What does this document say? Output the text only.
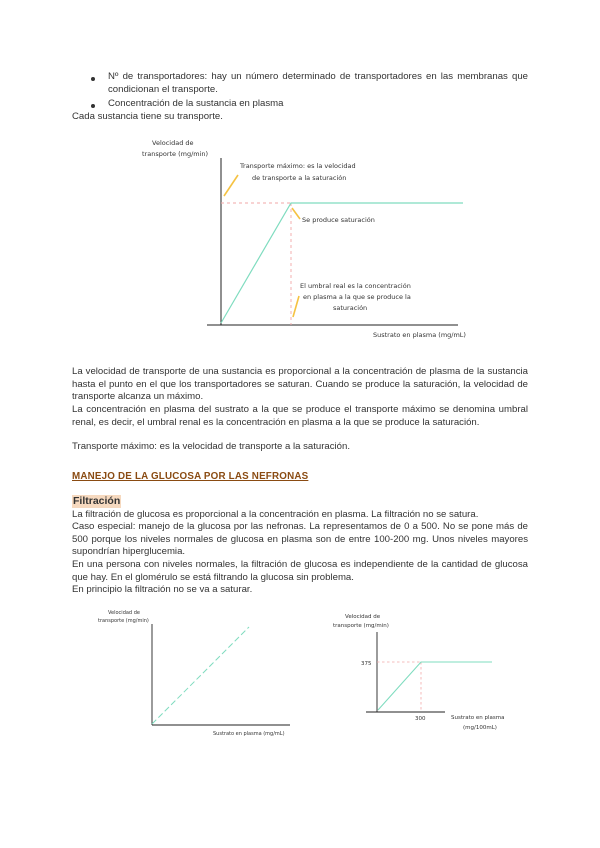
Nº de transportadores: hay un número determinado de transportadores en las membranas que condicionan el transporte.
Concentración de la sustancia en plasma
Cada sustancia tiene su transporte.
Velocidad de
transporte (mg/min)
Transporte máximo: es la velocidad
de transporte a la saturación
Se produce saturación
El umbral real es la concentración
en plasma a la que se produce la
saturación
Sustrato en plasma (mg/mL)
La velocidad de transporte de una sustancia es proporcional a la concentración de plasma de la sustancia hasta el punto en el que los transportadores se saturan. Cuando se produce la saturación, la velocidad de transporte alcanza un máximo.
La concentración en plasma del sustrato a la que se produce el transporte máximo se denomina umbral renal, es decir, el umbral renal es la concentración en plasma a la que se produce la saturación.
Transporte máximo: es la velocidad de transporte a la saturación.
MANEJO DE LA GLUCOSA POR LAS NEFRONAS
Filtración
La filtración de glucosa es proporcional a la concentración en plasma. La filtración no se satura.
Caso especial: manejo de la glucosa por las nefronas. La representamos de 0 a 500. No se pone más de 500 porque los niveles normales de glucosa en plasma son de entre 100-200 mg. Unos niveles mayores supondrían hiperglucemia.
En una persona con niveles normales, la filtración de glucosa es independiente de la cantidad de glucosa que hay. En el glomérulo se está filtrando la glucosa sin problema.
En principio la filtración no se va a saturar.
Velocidad de
transporte (mg/min)
Sustrato en plasma (mg/mL)
Velocidad de
transporte (mg/min)
375
300	Sustrato en plasma
(mg/100mL)
